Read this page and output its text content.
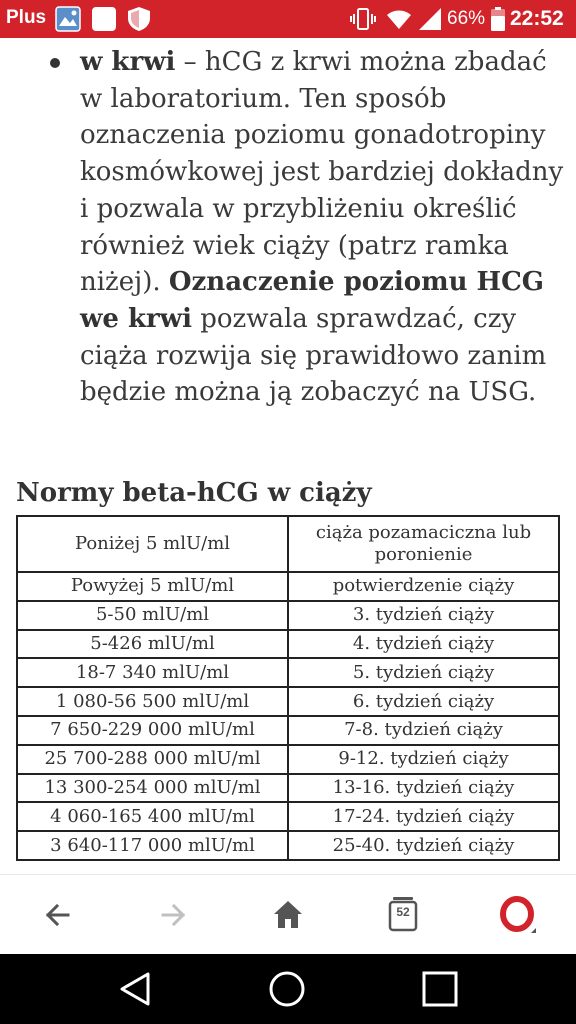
Plus	66% 22:52

w krwi – hCG z krwi można zbadać w laboratorium. Ten sposób oznaczenia poziomu gonadotropiny kosmówkowej jest bardziej dokładny i pozwala w przybliżeniu określić również wiek ciąży (patrz ramka niżej). Oznaczenie poziomu HCG we krwi pozwala sprawdzać, czy ciąża rozwija się prawidłowo zanim będzie można ją zobaczyć na USG.

Normy beta-hCG w ciąży
Poniżej 5 mlU/ml	ciąża pozamaciczna lub poronienie
Powyżej 5 mlU/ml	potwierdzenie ciąży
5-50 mlU/ml	3. tydzień ciąży
5-426 mlU/ml	4. tydzień ciąży
18-7 340 mlU/ml	5. tydzień ciąży
1 080-56 500 mlU/ml	6. tydzień ciąży
7 650-229 000 mlU/ml	7-8. tydzień ciąży
25 700-288 000 mlU/ml	9-12. tydzień ciąży
13 300-254 000 mlU/ml	13-16. tydzień ciąży
4 060-165 400 mlU/ml	17-24. tydzień ciąży
3 640-117 000 mlU/ml	25-40. tydzień ciąży
52
